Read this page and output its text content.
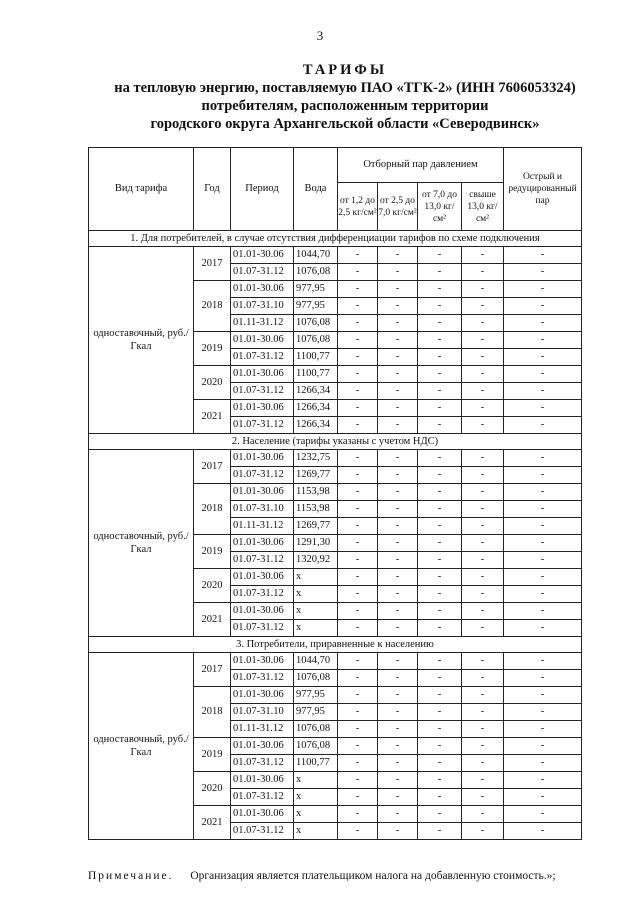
3
ТАРИФЫ
на тепловую энергию, поставляемую ПАО «ТГК-2» (ИНН 7606053324)
потребителям, расположенным территории
городского округа Архангельской области «Северодвинск»
Вид тарифа	Год	Период	Вода	Отборный пар давлением				Острый и редуцированный пар
				от 1,2 до 2,5 кг/см²	от 2,5 до 7,0 кг/см²	от 7,0 до 13,0 кг/см²	свыше 13,0 кг/см²	
1. Для потребителей, в случае отсутствия дифференциации тарифов по схеме подключения								
одноставочный, руб./Гкал	2017	01.01-30.06	1044,70	-	-	-	-	-
		01.07-31.12	1076,08	-	-	-	-	-
	2018	01.01-30.06	977,95	-	-	-	-	-
		01.07-31.10	977,95	-	-	-	-	-
		01.11-31.12	1076,08	-	-	-	-	-
	2019	01.01-30.06	1076,08	-	-	-	-	-
		01.07-31.12	1100,77	-	-	-	-	-
	2020	01.01-30.06	1100,77	-	-	-	-	-
		01.07-31.12	1266,34	-	-	-	-	-
	2021	01.01-30.06	1266,34	-	-	-	-	-
		01.07-31.12	1266,34	-	-	-	-	-
2. Население (тарифы указаны с учетом НДС)								
одноставочный, руб./Гкал	2017	01.01-30.06	1232,75	-	-	-	-	-
		01.07-31.12	1269,77	-	-	-	-	-
	2018	01.01-30.06	1153,98	-	-	-	-	-
		01.07-31.10	1153,98	-	-	-	-	-
		01.11-31.12	1269,77	-	-	-	-	-
	2019	01.01-30.06	1291,30	-	-	-	-	-
		01.07-31.12	1320,92	-	-	-	-	-
	2020	01.01-30.06	x	-	-	-	-	-
		01.07-31.12	x	-	-	-	-	-
	2021	01.01-30.06	x	-	-	-	-	-
		01.07-31.12	x	-	-	-	-	-
3. Потребители, приравненные к населению								
одноставочный, руб./Гкал	2017	01.01-30.06	1044,70	-	-	-	-	-
		01.07-31.12	1076,08	-	-	-	-	-
	2018	01.01-30.06	977,95	-	-	-	-	-
		01.07-31.10	977,95	-	-	-	-	-
		01.11-31.12	1076,08	-	-	-	-	-
	2019	01.01-30.06	1076,08	-	-	-	-	-
		01.07-31.12	1100,77	-	-	-	-	-
	2020	01.01-30.06	x	-	-	-	-	-
		01.07-31.12	x	-	-	-	-	-
	2021	01.01-30.06	x	-	-	-	-	-
		01.07-31.12	x	-	-	-	-	-
Примечание. Организация является плательщиком налога на добавленную стоимость.»;
